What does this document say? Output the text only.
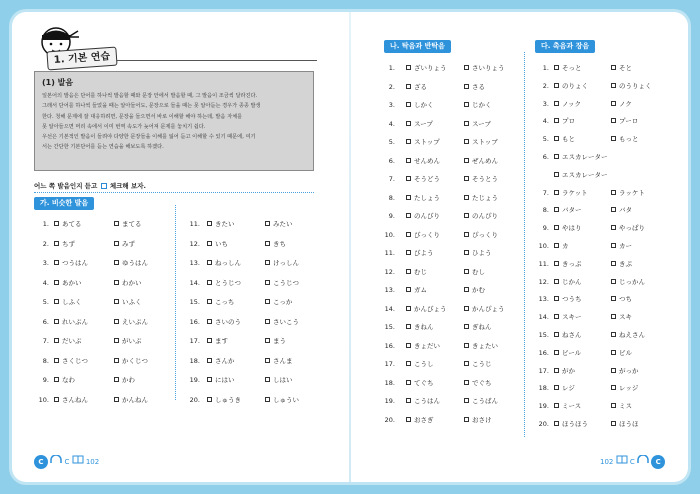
1. 기본 연습
(1) 발음

일본어의 발음은 단어를 하나씩 발음할 때와 문장 안에서 발음할 때, 그 발음이 조금씩 달라진다.

그래서 단어를 하나씩 들었을 때는 알아들어도, 문장으로 들을 때는 못 알아듣는 경우가 종종 발생

한다. 청해 문제에 잘 대응하려면, 문장을 들으면서 바로 이해할 해야 하는데, 발음 자체를

못 알아들으면 머리 속에서 이미 번역 속도가 늦어져 문제를 놓치기 쉽다.

우선은 기본적인 발음이 들려야 다양한 문장들을 이해를 잃어 듣고 이해할 수 있기 때문에, 여기

서는 간단한 기본단어를 듣는 연습을 해보도록 하겠다.

어느 쪽 발음인지 듣고 체크해 보자.
가. 비슷한 발음
나. 탁음과 반탁음	다. 촉음과 장음
1. あてる	まてる
2. ちず	みず
3. つうはん	ゆうはん
4. あかい	わかい
5. しふく	いふく
6. れいぶん	えいぶん
7. だいぶ	がいぶ
8. さくじつ	かくじつ
9. なわ	かわ
10. さんねん	かんねん
11. きたい	みたい
12. いち	きち
13. ねっしん	けっしん
14. とうじつ	こうじつ
15. こっち	こっか
16. さいのう	さいこう
17. ます	まう
18. さんか	さんま
19. にはい	しはい
20. しゅうき	しゅうい
1.	ざいりょう	さいりょう
2.	ざる	さる
3.	しかく	じかく
4.	スープ	スーブ
5.	ストップ	ストッブ
6.	せんめん	ぜんめん
7.	そうどう	そうとう
8.	たしょう	たじょう
9.	のんびり	のんぴり
10.	びっくり	ぴっくり
11.	びよう	ひよう
12.	むじ	むし
13.	ガム	かむ
14.	かんびょう	かんぴょう
15.	きねん	ぎねん
16.	きょだい	きょたい
17.	こうし	こうじ
18.	てぐち	でぐち
19.	こうはん	こうばん
20.	おさぎ	おさけ
1. そっと	そと
2. のりょく	のうりょく
3. ノック	ノク
4. プロ	プーロ
5. もと	もっと
6. エスカレーター
エスカレーター
7. ラケット	ラッケト
8. バター	バタ
9. やはり	やっぱり
10. カ	カー
11. きっぷ	きぷ
12. じかん	じっかん
13. つうち	つち
14. スキー	スキ
15. ねさん	ねえさん
16. ビール	ビル
17. がか	がっか
18. レジ	レッジ
19. ミース	ミス
20. ほうほう	ほうほ
C	C 102	102 C	C
